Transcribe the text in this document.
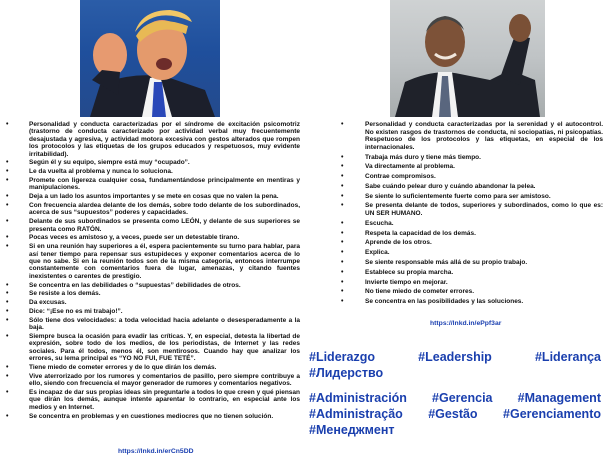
•	Personalidad y conducta caracterizadas por el síndrome de excitación psicomotriz (trastorno de conducta caracterizado por actividad verbal muy frecuentemente desajustada y agresiva, y actividad motora excesiva con gestos alterados que rompen los protocolos y las etiquetas de los grupos educados y respetuosos, muy evidente irritabilidad).
•	Según él y su equipo, siempre está muy “ocupado”.
•	Le da vuelta al problema y nunca lo soluciona.
•	Promete con ligereza cualquier cosa, fundamentándose principalmente en mentiras y manipulaciones.
•	Deja a un lado los asuntos importantes y se mete en cosas que no valen la pena.
•	Con frecuencia alardea delante de los demás, sobre todo delante de los subordinados, acerca de sus “supuestos” poderes y capacidades.
•	Delante de sus subordinados se presenta como LEÓN, y delante de sus superiores se presenta como RATÓN.
•	Pocas veces es amistoso y, a veces, puede ser un detestable tirano.
•	Si en una reunión hay superiores a él, espera pacientemente su turno para hablar, para así tener tiempo para repensar sus estupideces y exponer comentarios acerca de lo que no sabe. Si en la reunión todos son de la misma categoría, entonces interrumpe constantemente con comentarios fuera de lugar, amenazas, y citando fuentes inexistentes o carentes de prestigio.
•	Se concentra en las debilidades o “supuestas” debilidades de otros.
•	Se resiste a los demás.
•	Da excusas.
•	Dice: “¡Ese no es mi trabajo!”.
•	Sólo tiene dos velocidades: a toda velocidad hacia adelante o desesperadamente a la baja.
•	Siempre busca la ocasión para evadir las críticas. Y, en especial, detesta la libertad de expresión, sobre todo de los medios, de los periodistas, de Internet y las redes sociales. Para él todos, menos él, son mentirosos. Cuando hay que analizar los errores, su lema principal es “YO NO FUI, FUE TETÉ”.
•	Tiene miedo de cometer errores y de lo que dirán los demás.
•	Vive aterrorizado por los rumores y comentarios de pasillo, pero siempre contribuye a ello, siendo con frecuencia el mayor generador de rumores y comentarios negativos.
•	Es incapaz de dar sus propias ideas sin preguntarle a todos lo que creen y qué piensan que dirán los demás, aunque intente aparentar lo contrario, en especial ante los medios y en Internet.
•	Se concentra en problemas y en cuestiones mediocres que no tienen solución.
https://lnkd.in/erCn5DD
•	Personalidad y conducta caracterizadas por la serenidad y el autocontrol. No existen rasgos de trastornos de conducta, ni sociopatías, ni psicopatías. Respetuoso de los protocolos y las etiquetas, en especial de los internacionales.
•	Trabaja más duro y tiene más tiempo.
•	Va directamente al problema.
•	Contrae compromisos.
•	Sabe cuándo pelear duro y cuándo abandonar la pelea.
•	Se siente lo suficientemente fuerte como para ser amistoso.
•	Se presenta delante de todos, superiores y subordinados, como lo que es: UN SER HUMANO.
•	Escucha.
•	Respeta la capacidad de los demás.
•	Aprende de los otros.
•	Explica.
•	Se siente responsable más allá de su propio trabajo.
•	Establece su propia marcha.
•	Invierte tiempo en mejorar.
•	No tiene miedo de cometer errores.
•	Se concentra en las posibilidades y las soluciones.
https://lnkd.in/ePpf3ar
#Liderazgo	#Leadership	#Liderança
#Лидерство
#Administración #Gerencia #Management
#Administração #Gestão #Gerenciamento
#Менеджмент
